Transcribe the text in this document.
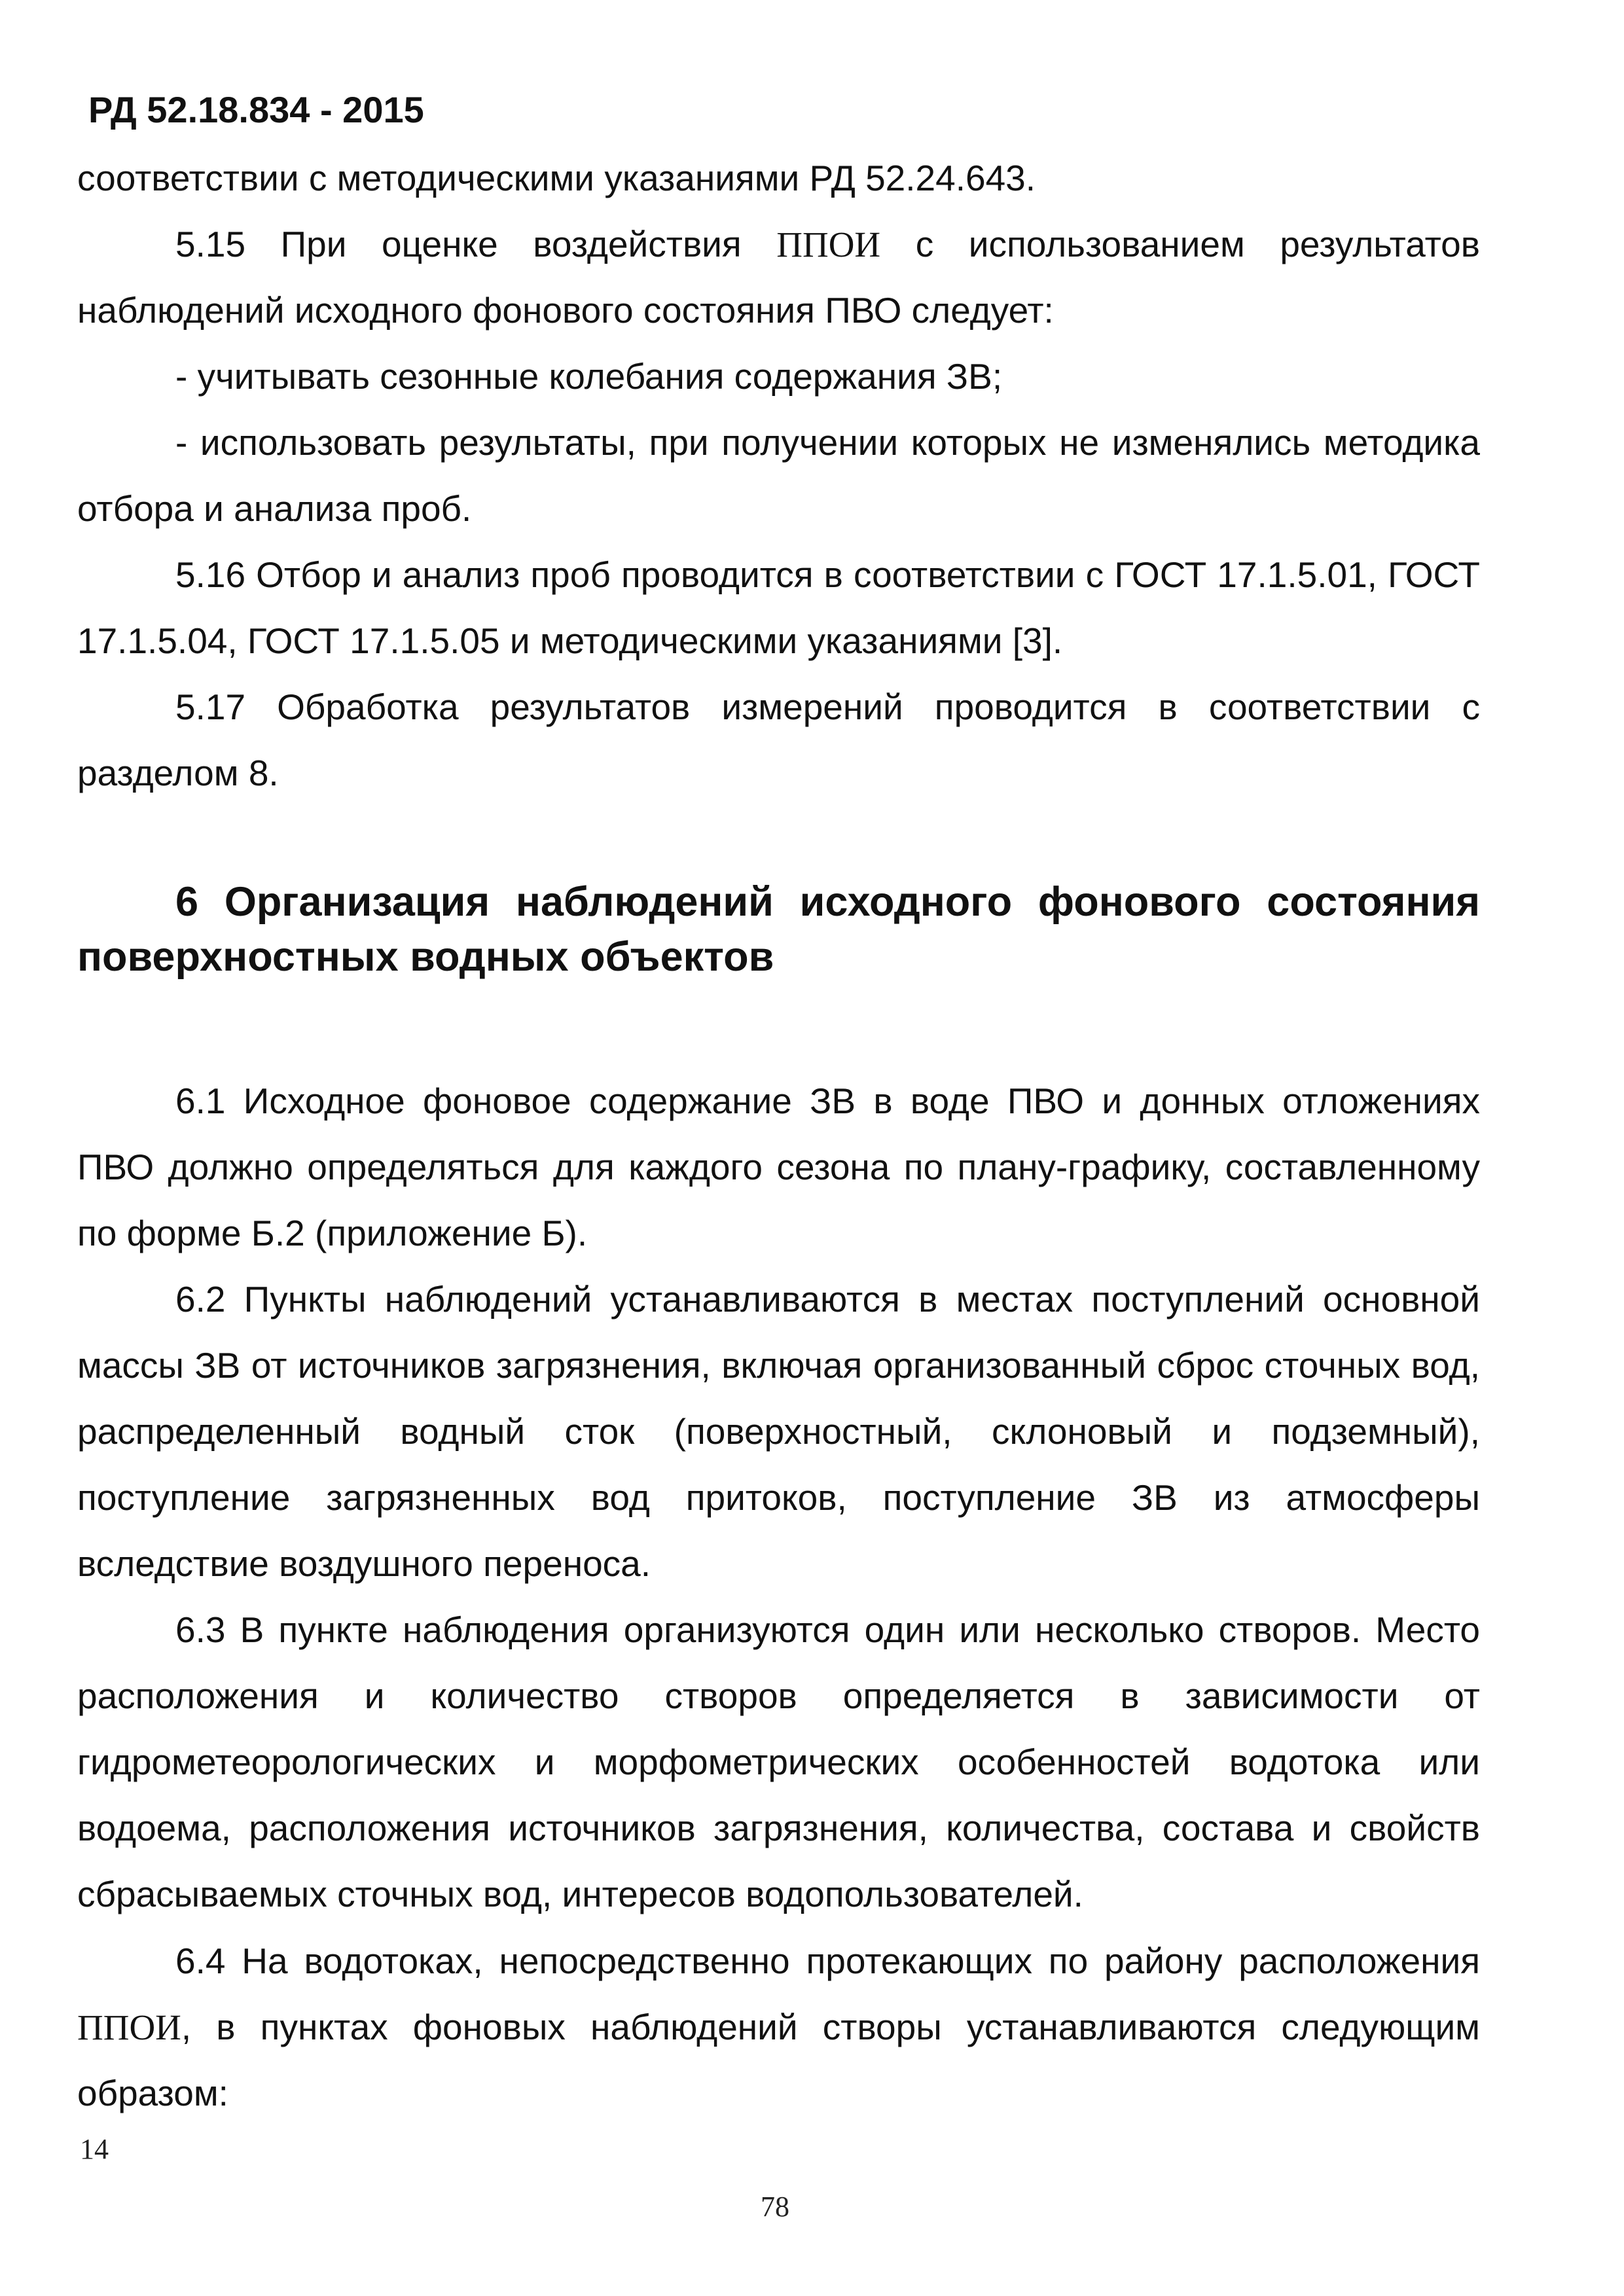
РД 52.18.834 - 2015
соответствии с методическими указаниями РД 52.24.643.
5.15 При оценке воздействия ППОИ с использованием результатов наблюдений исходного фонового состояния ПВО следует:
- учитывать сезонные колебания содержания ЗВ;
- использовать результаты, при получении которых не изменялись методика отбора и анализа проб.
5.16 Отбор и анализ проб проводится в соответствии с ГОСТ 17.1.5.01, ГОСТ 17.1.5.04, ГОСТ 17.1.5.05 и методическими указаниями [3].
5.17 Обработка результатов измерений проводится в соответствии с разделом 8.
6 Организация наблюдений исходного фонового состояния поверхностных водных объектов
6.1 Исходное фоновое содержание ЗВ в воде ПВО и донных отложениях ПВО должно определяться для каждого сезона по плану-графику, составленному по форме Б.2 (приложение Б).
6.2 Пункты наблюдений устанавливаются в местах поступлений основной массы ЗВ от источников загрязнения, включая организованный сброс сточных вод, распределенный водный сток (поверхностный, склоновый и подземный), поступление загрязненных вод притоков, поступление ЗВ из атмосферы вследствие воздушного переноса.
6.3 В пункте наблюдения организуются один или несколько створов. Место расположения и количество створов определяется в зависимости от гидрометеорологических и морфометрических особенностей водотока или водоема, расположения источников загрязнения, количества, состава и свойств сбрасываемых сточных вод, интересов водопользователей.
6.4 На водотоках, непосредственно протекающих по району расположения ППОИ, в пунктах фоновых наблюдений створы устанавливаются следующим образом:
14
78
